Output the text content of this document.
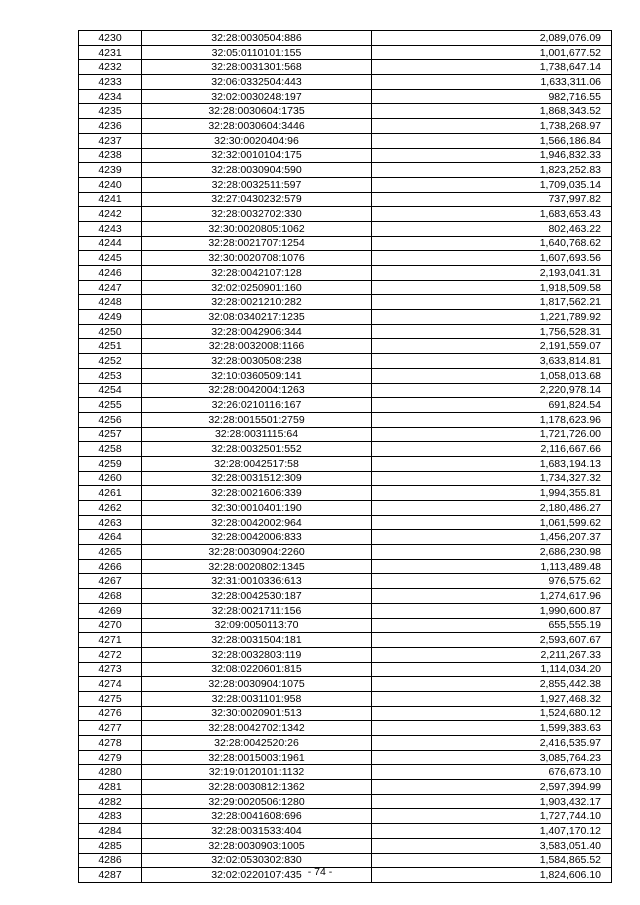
4230	32:28:0030504:886	2,089,076.09
4231	32:05:0110101:155	1,001,677.52
4232	32:28:0031301:568	1,738,647.14
4233	32:06:0332504:443	1,633,311.06
4234	32:02:0030248:197	982,716.55
4235	32:28:0030604:1735	1,868,343.52
4236	32:28:0030604:3446	1,738,268.97
4237	32:30:0020404:96	1,566,186.84
4238	32:32:0010104:175	1,946,832.33
4239	32:28:0030904:590	1,823,252.83
4240	32:28:0032511:597	1,709,035.14
4241	32:27:0430232:579	737,997.82
4242	32:28:0032702:330	1,683,653.43
4243	32:30:0020805:1062	802,463.22
4244	32:28:0021707:1254	1,640,768.62
4245	32:30:0020708:1076	1,607,693.56
4246	32:28:0042107:128	2,193,041.31
4247	32:02:0250901:160	1,918,509.58
4248	32:28:0021210:282	1,817,562.21
4249	32:08:0340217:1235	1,221,789.92
4250	32:28:0042906:344	1,756,528.31
4251	32:28:0032008:1166	2,191,559.07
4252	32:28:0030508:238	3,633,814.81
4253	32:10:0360509:141	1,058,013.68
4254	32:28:0042004:1263	2,220,978.14
4255	32:26:0210116:167	691,824.54
4256	32:28:0015501:2759	1,178,623.96
4257	32:28:0031115:64	1,721,726.00
4258	32:28:0032501:552	2,116,667.66
4259	32:28:0042517:58	1,683,194.13
4260	32:28:0031512:309	1,734,327.32
4261	32:28:0021606:339	1,994,355.81
4262	32:30:0010401:190	2,180,486.27
4263	32:28:0042002:964	1,061,599.62
4264	32:28:0042006:833	1,456,207.37
4265	32:28:0030904:2260	2,686,230.98
4266	32:28:0020802:1345	1,113,489.48
4267	32:31:0010336:613	976,575.62
4268	32:28:0042530:187	1,274,617.96
4269	32:28:0021711:156	1,990,600.87
4270	32:09:0050113:70	655,555.19
4271	32:28:0031504:181	2,593,607.67
4272	32:28:0032803:119	2,211,267.33
4273	32:08:0220601:815	1,114,034.20
4274	32:28:0030904:1075	2,855,442.38
4275	32:28:0031101:958	1,927,468.32
4276	32:30:0020901:513	1,524,680.12
4277	32:28:0042702:1342	1,599,383.63
4278	32:28:0042520:26	2,416,535.97
4279	32:28:0015003:1961	3,085,764.23
4280	32:19:0120101:1132	676,673.10
4281	32:28:0030812:1362	2,597,394.99
4282	32:29:0020506:1280	1,903,432.17
4283	32:28:0041608:696	1,727,744.10
4284	32:28:0031533:404	1,407,170.12
4285	32:28:0030903:1005	3,583,051.40
4286	32:02:0530302:830	1,584,865.52
4287	32:02:0220107:435	1,824,606.10
- 74 -
